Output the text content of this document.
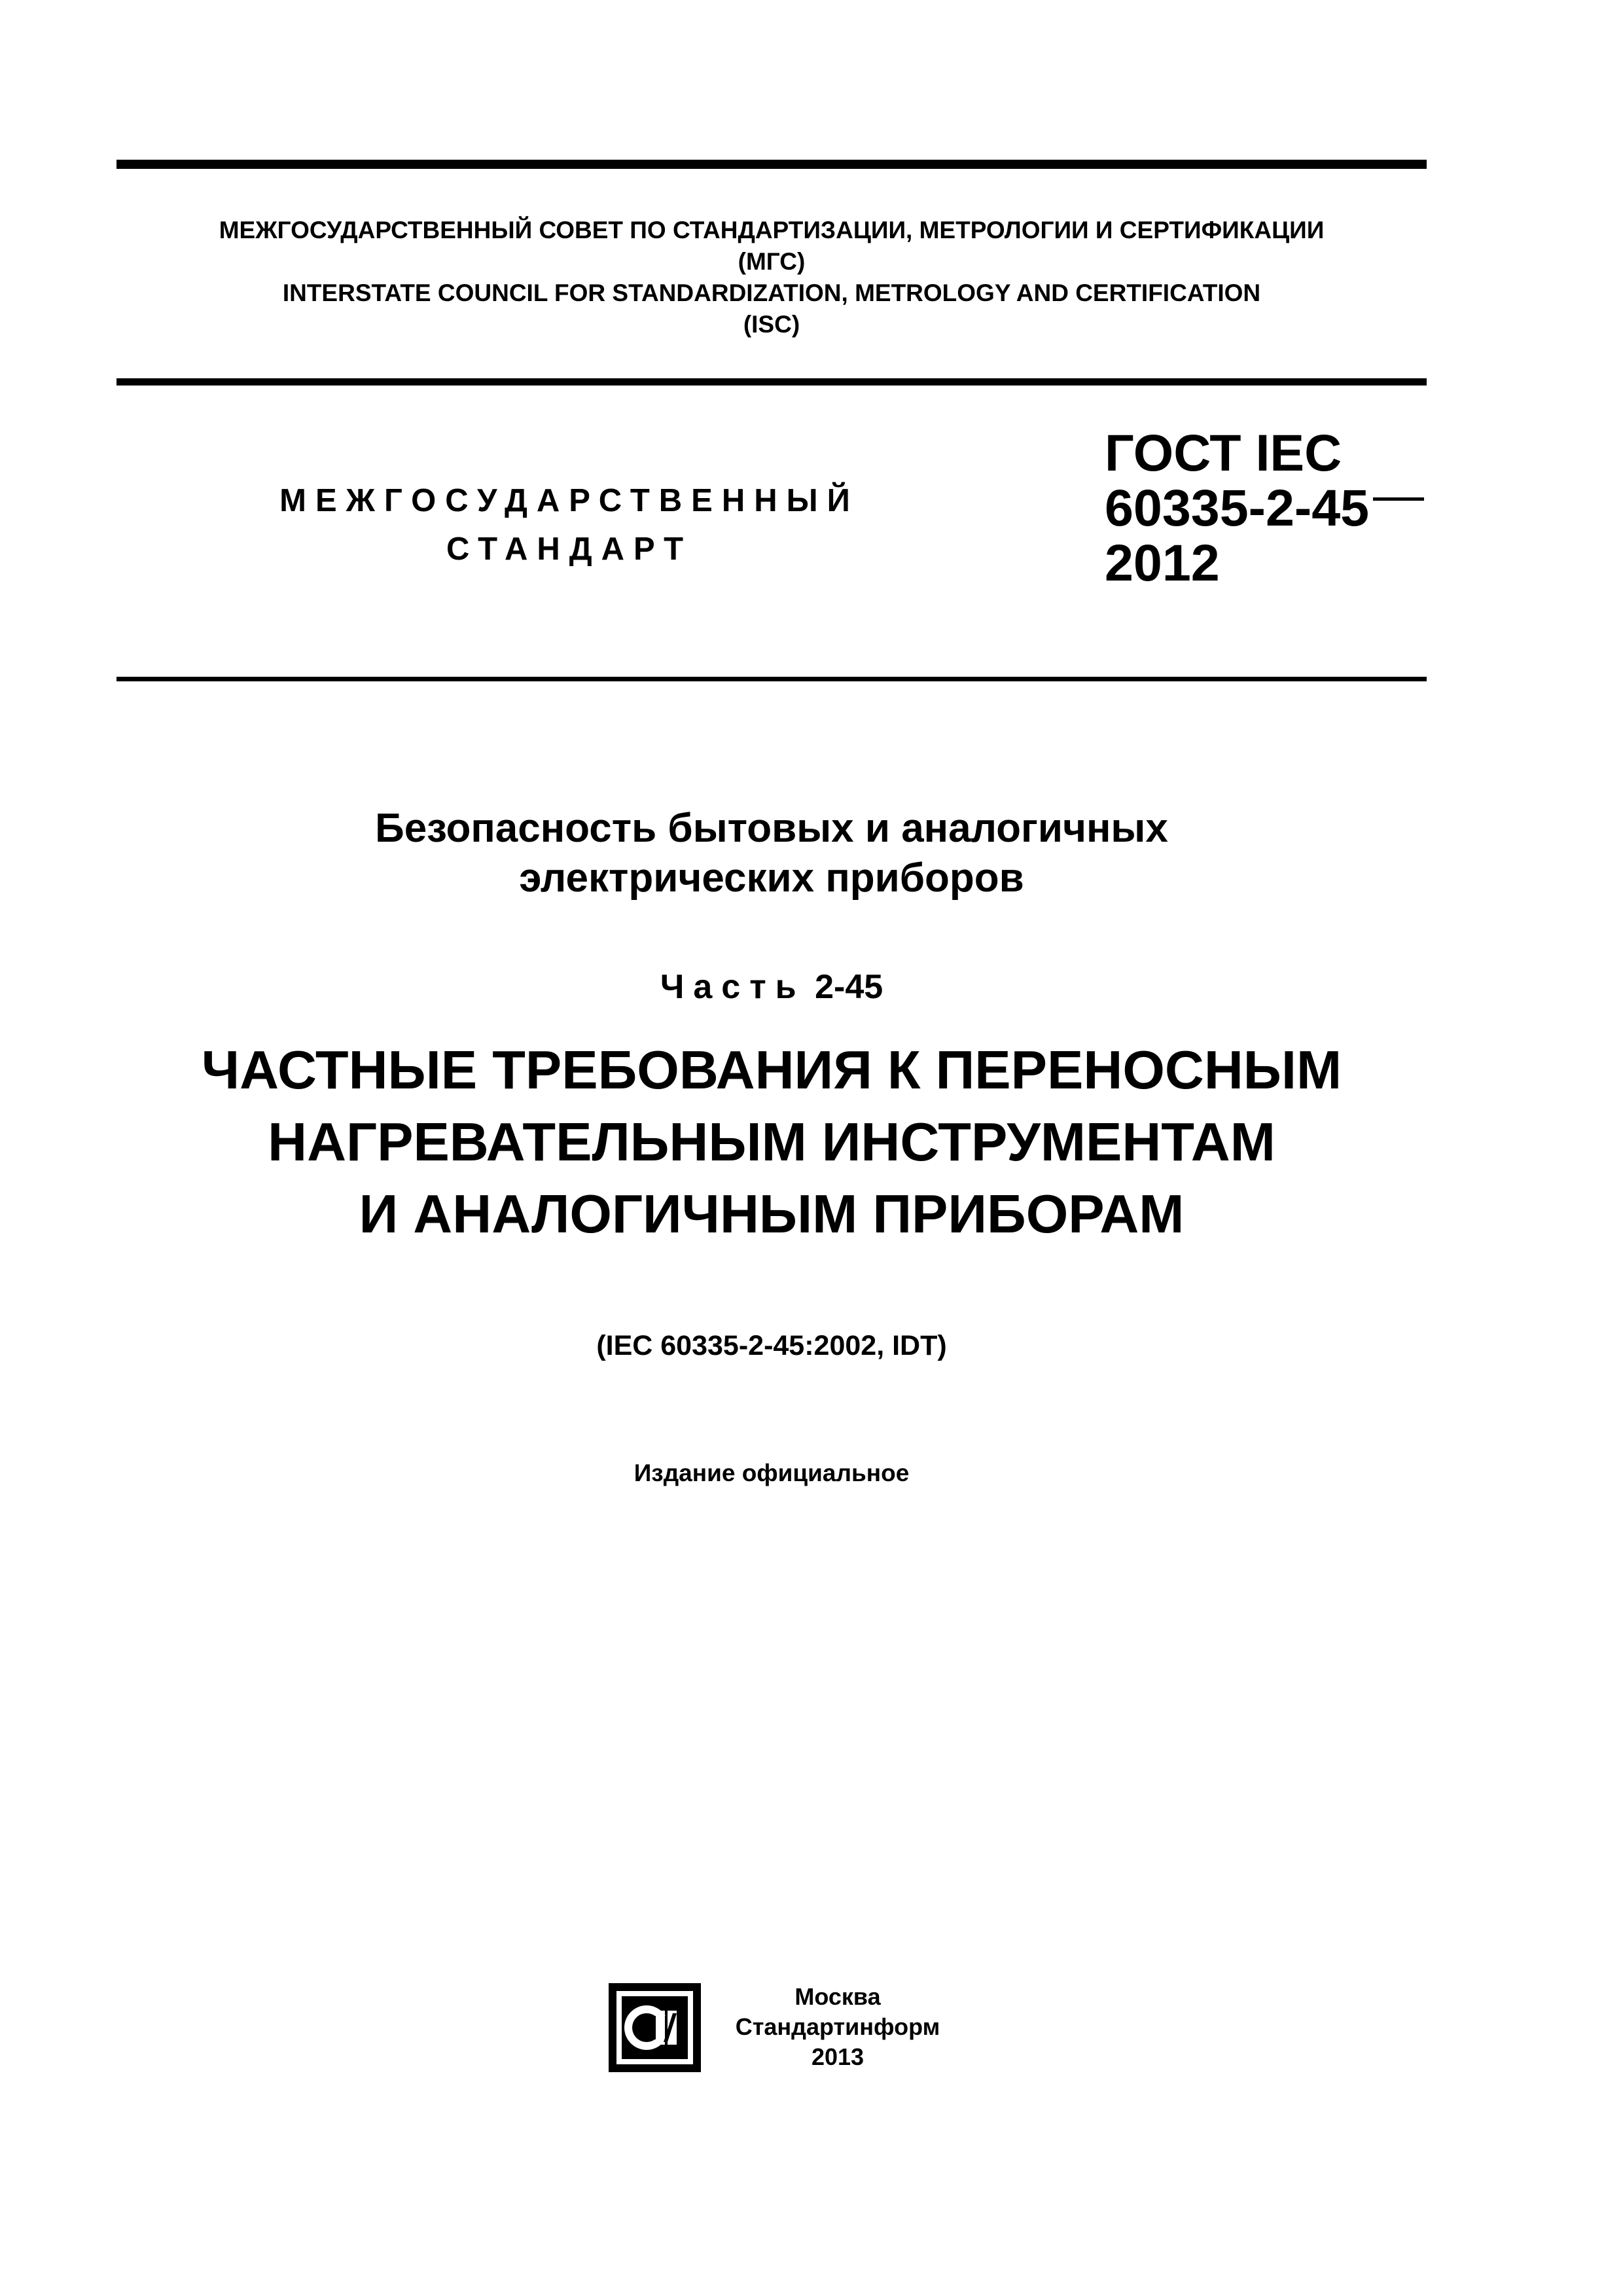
МЕЖГОСУДАРСТВЕННЫЙ СОВЕТ ПО СТАНДАРТИЗАЦИИ, МЕТРОЛОГИИ И СЕРТИФИКАЦИИ
(МГС)
INTERSTATE COUNCIL FOR STANDARDIZATION, METROLOGY AND CERTIFICATION
(ISC)
МЕЖГОСУДАРСТВЕННЫЙ
СТАНДАРТ
ГОСТ IEC
60335-2-45
2012
Безопасность бытовых и аналогичных
электрических приборов
Часть 2-45
ЧАСТНЫЕ ТРЕБОВАНИЯ К ПЕРЕНОСНЫМ
НАГРЕВАТЕЛЬНЫМ ИНСТРУМЕНТАМ
И АНАЛОГИЧНЫМ ПРИБОРАМ
(IEC 60335-2-45:2002, IDT)
Издание официальное
Москва
Стандартинформ
2013
